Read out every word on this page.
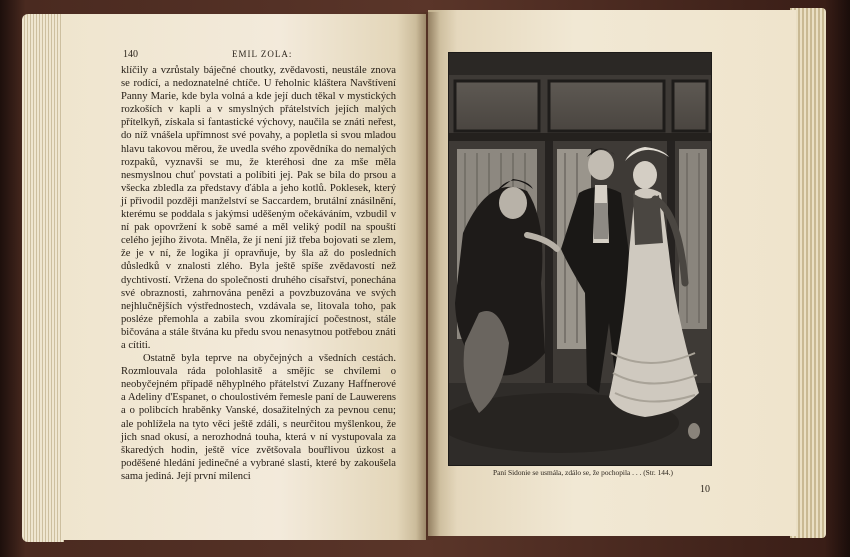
140	EMIL ZOLA:

klíčily a vzrůstaly báječné choutky, zvědavosti, neustále znova se rodící, a nedoznatelné chtíče. U řeholnic kláštera Navštívení Panny Marie, kde byla volná a kde její duch těkal v mystických rozkoších v kapli a v smyslných přátelstvích jejích malých přítelkyň, získala si fantastické výchovy, naučila se znáti neřest, do níž vnášela upřímnost své povahy, a popletla si svou mladou hlavu takovou měrou, že uvedla svého zpovědníka do nemalých rozpaků, vyznavši se mu, že kteréhosi dne za mše měla nesmyslnou chuť povstati a políbiti jej. Pak se bila do prsou a všecka zbledla za představy ďábla a jeho kotlů. Poklesek, který jí přivodil později manželství se Saccardem, brutální znásilnění, kterému se poddala s jakýmsi uděšeným očekáváním, vzbudil v ní pak opovržení k sobě samé a měl veliký podíl na spouští celého jejího života. Mněla, že jí není již třeba bojovati se zlem, že je v ní, že logika jí opravňuje, by šla až do posledních důsledků v znalosti zlého. Byla ještě spíše zvědavostí než dychtivostí. Vržena do společnosti druhého císařství, ponechána své obraznosti, zahrnována penězi a povzbuzována ve svých nejhlučnějších výstřednostech, vzdávala se, litovala toho, pak posléze přemohla a zabila svou zkomírající počestnost, stále bičována a stále štvána ku předu svou nenasytnou potřebou znáti a cítiti.

Ostatně byla teprve na obyčejných a všedních cestách. Rozmlouvala ráda polohlasitě a smějíc se chvílemi o neobyčejném případě něhyplného přátelství Zuzany Haffnerové a Adeliny d'Espanet, o choulostivém řemesle paní de Lauwerens a o polibcích hraběnky Vanské, dosažitelných za pevnou cenu; ale pohlížela na tyto věci ještě zdáli, s neurčitou myšlenkou, že jich snad okusí, a nerozhodná touha, která v ní vystupovala za škaredých hodin, ještě více zvětšovala bouřlivou úzkost a poděšené hledání jedinečné a vybrané slasti, které by zakoušela sama jediná. Její první milenci	Paní Sidonie se usmála, zdálo se, že pochopila . . . (Str. 144.)
10
